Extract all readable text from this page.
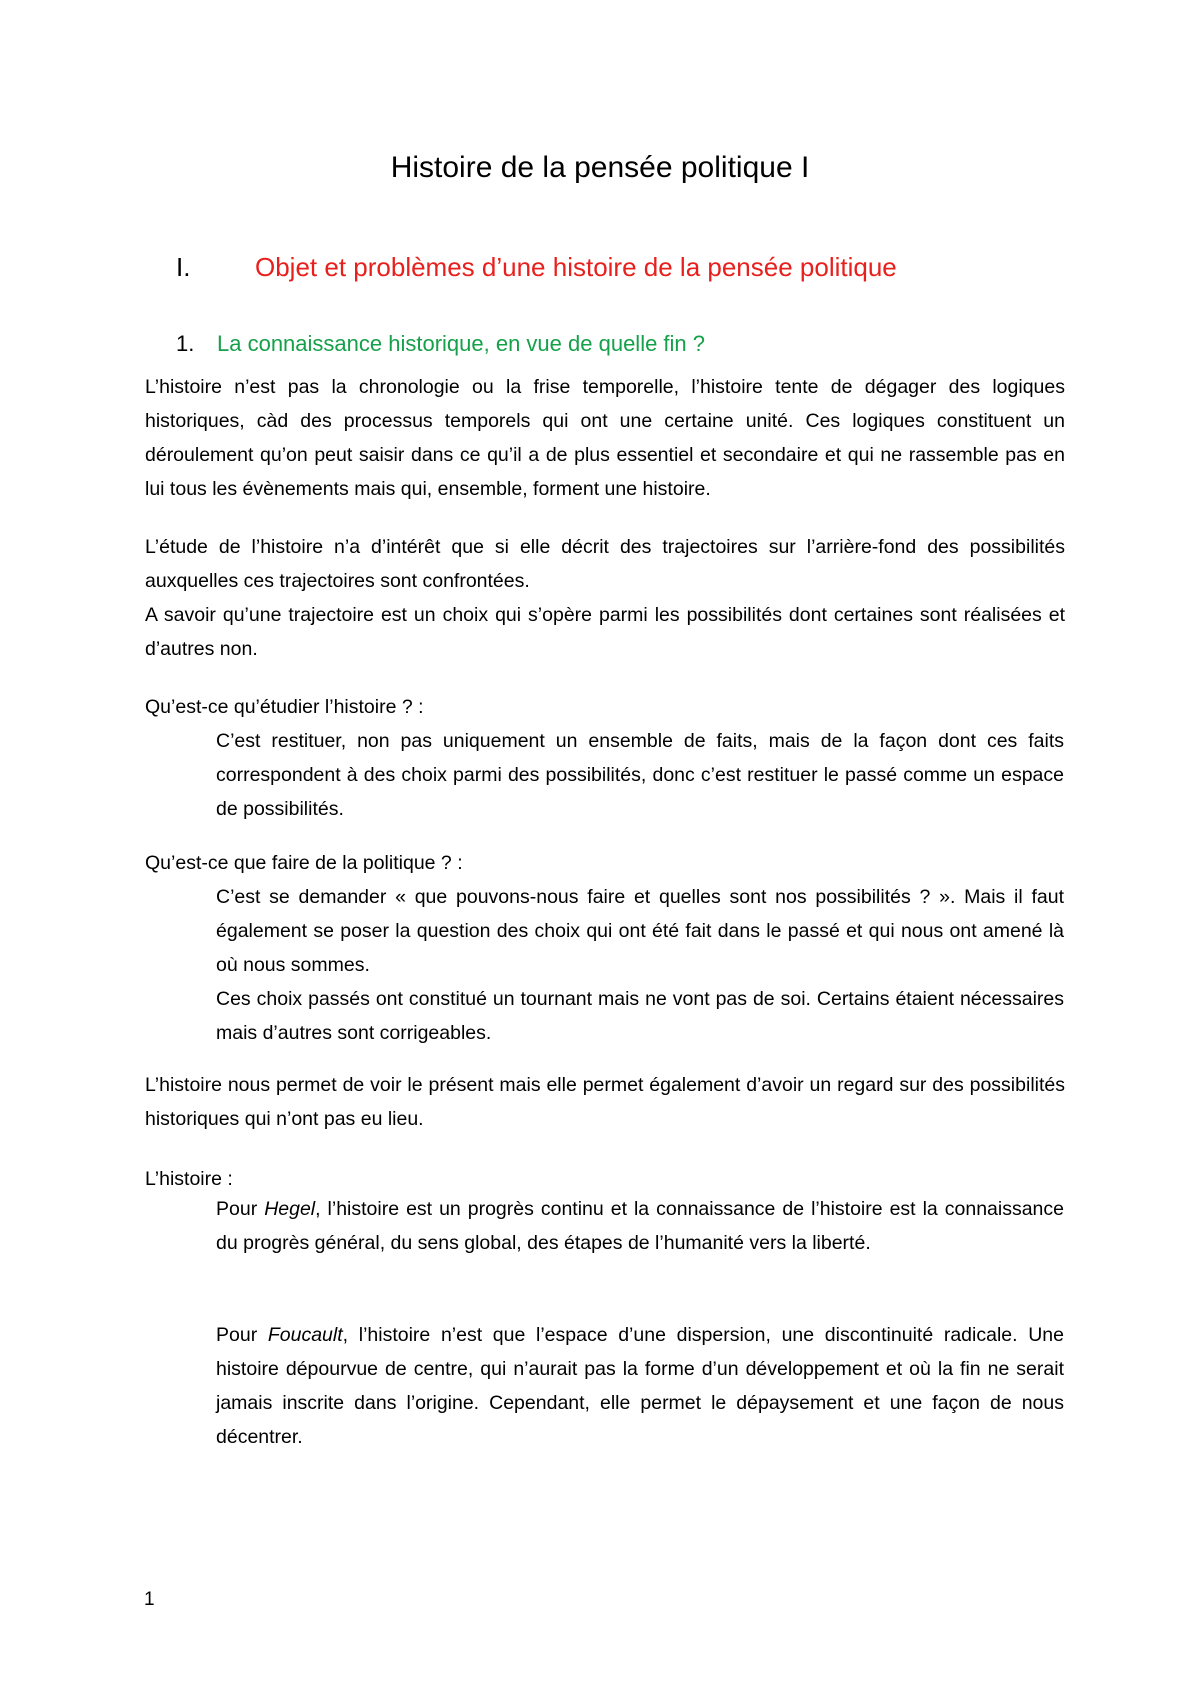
Histoire de la pensée politique I
I. Objet et problèmes d’une histoire de la pensée politique
1. La connaissance historique, en vue de quelle fin ?

L’histoire n’est pas la chronologie ou la frise temporelle, l’histoire tente de dégager des logiques historiques, càd des processus temporels qui ont une certaine unité. Ces logiques constituent un déroulement qu’on peut saisir dans ce qu’il a de plus essentiel et secondaire et qui ne rassemble pas en lui tous les évènements mais qui, ensemble, forment une histoire.

L’étude de l’histoire n’a d’intérêt que si elle décrit des trajectoires sur l’arrière-fond des possibilités auxquelles ces trajectoires sont confrontées.

A savoir qu’une trajectoire est un choix qui s’opère parmi les possibilités dont certaines sont réalisées et d’autres non.

Qu’est-ce qu’étudier l’histoire ? :

C’est restituer, non pas uniquement un ensemble de faits, mais de la façon dont ces faits correspondent à des choix parmi des possibilités, donc c’est restituer le passé comme un espace de possibilités.

Qu’est-ce que faire de la politique ? :

C’est se demander « que pouvons-nous faire et quelles sont nos possibilités ? ». Mais il faut également se poser la question des choix qui ont été fait dans le passé et qui nous ont amené là où nous sommes.

Ces choix passés ont constitué un tournant mais ne vont pas de soi. Certains étaient nécessaires mais d’autres sont corrigeables.

L’histoire nous permet de voir le présent mais elle permet également d’avoir un regard sur des possibilités historiques qui n’ont pas eu lieu.

L’histoire :

Pour Hegel, l’histoire est un progrès continu et la connaissance de l’histoire est la connaissance du progrès général, du sens global, des étapes de l’humanité vers la liberté.

Pour Foucault, l’histoire n’est que l’espace d’une dispersion, une discontinuité radicale. Une histoire dépourvue de centre, qui n’aurait pas la forme d’un développement et où la fin ne serait jamais inscrite dans l’origine. Cependant, elle permet le dépaysement et une façon de nous décentrer.

1
